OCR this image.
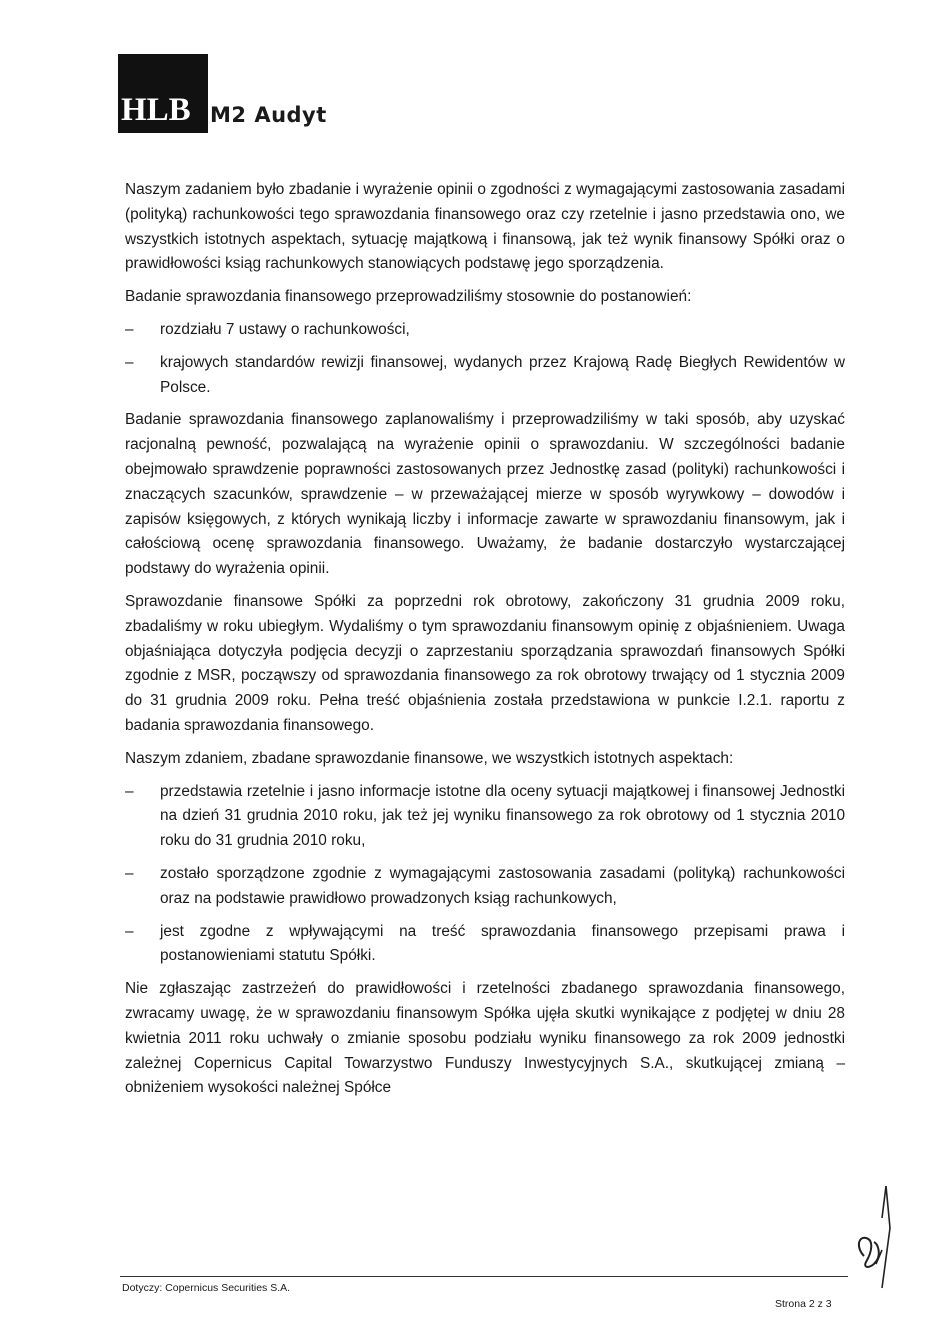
HLB M2 Audyt

Naszym zadaniem było zbadanie i wyrażenie opinii o zgodności z wymagającymi zastosowania zasadami (polityką) rachunkowości tego sprawozdania finansowego oraz czy rzetelnie i jasno przedstawia ono, we wszystkich istotnych aspektach, sytuację majątkową i finansową, jak też wynik finansowy Spółki oraz o prawidłowości ksiąg rachunkowych stanowiących podstawę jego sporządzenia.

Badanie sprawozdania finansowego przeprowadziliśmy stosownie do postanowień:

– rozdziału 7 ustawy o rachunkowości,
– krajowych standardów rewizji finansowej, wydanych przez Krajową Radę Biegłych Rewidentów w Polsce.

Badanie sprawozdania finansowego zaplanowaliśmy i przeprowadziliśmy w taki sposób, aby uzyskać racjonalną pewność, pozwalającą na wyrażenie opinii o sprawozdaniu. W szczególności badanie obejmowało sprawdzenie poprawności zastosowanych przez Jednostkę zasad (polityki) rachunkowości i znaczących szacunków, sprawdzenie – w przeważającej mierze w sposób wyrywkowy – dowodów i zapisów księgowych, z których wynikają liczby i informacje zawarte w sprawozdaniu finansowym, jak i całościową ocenę sprawozdania finansowego. Uważamy, że badanie dostarczyło wystarczającej podstawy do wyrażenia opinii.

Sprawozdanie finansowe Spółki za poprzedni rok obrotowy, zakończony 31 grudnia 2009 roku, zbadaliśmy w roku ubiegłym. Wydaliśmy o tym sprawozdaniu finansowym opinię z objaśnieniem. Uwaga objaśniająca dotyczyła podjęcia decyzji o zaprzestaniu sporządzania sprawozdań finansowych Spółki zgodnie z MSR, począwszy od sprawozdania finansowego za rok obrotowy trwający od 1 stycznia 2009 do 31 grudnia 2009 roku. Pełna treść objaśnienia została przedstawiona w punkcie I.2.1. raportu z badania sprawozdania finansowego.

Naszym zdaniem, zbadane sprawozdanie finansowe, we wszystkich istotnych aspektach:

– przedstawia rzetelnie i jasno informacje istotne dla oceny sytuacji majątkowej i finansowej Jednostki na dzień 31 grudnia 2010 roku, jak też jej wyniku finansowego za rok obrotowy od 1 stycznia 2010 roku do 31 grudnia 2010 roku,
– zostało sporządzone zgodnie z wymagającymi zastosowania zasadami (polityką) rachunkowości oraz na podstawie prawidłowo prowadzonych ksiąg rachunkowych,
– jest zgodne z wpływającymi na treść sprawozdania finansowego przepisami prawa i postanowieniami statutu Spółki.

Nie zgłaszając zastrzeżeń do prawidłowości i rzetelności zbadanego sprawozdania finansowego, zwracamy uwagę, że w sprawozdaniu finansowym Spółka ujęła skutki wynikające z podjętej w dniu 28 kwietnia 2011 roku uchwały o zmianie sposobu podziału wyniku finansowego za rok 2009 jednostki zależnej Copernicus Capital Towarzystwo Funduszy Inwestycyjnych S.A., skutkującej zmianą – obniżeniem wysokości należnej Spółce

Dotyczy: Copernicus Securities S.A.
Strona 2 z 3
